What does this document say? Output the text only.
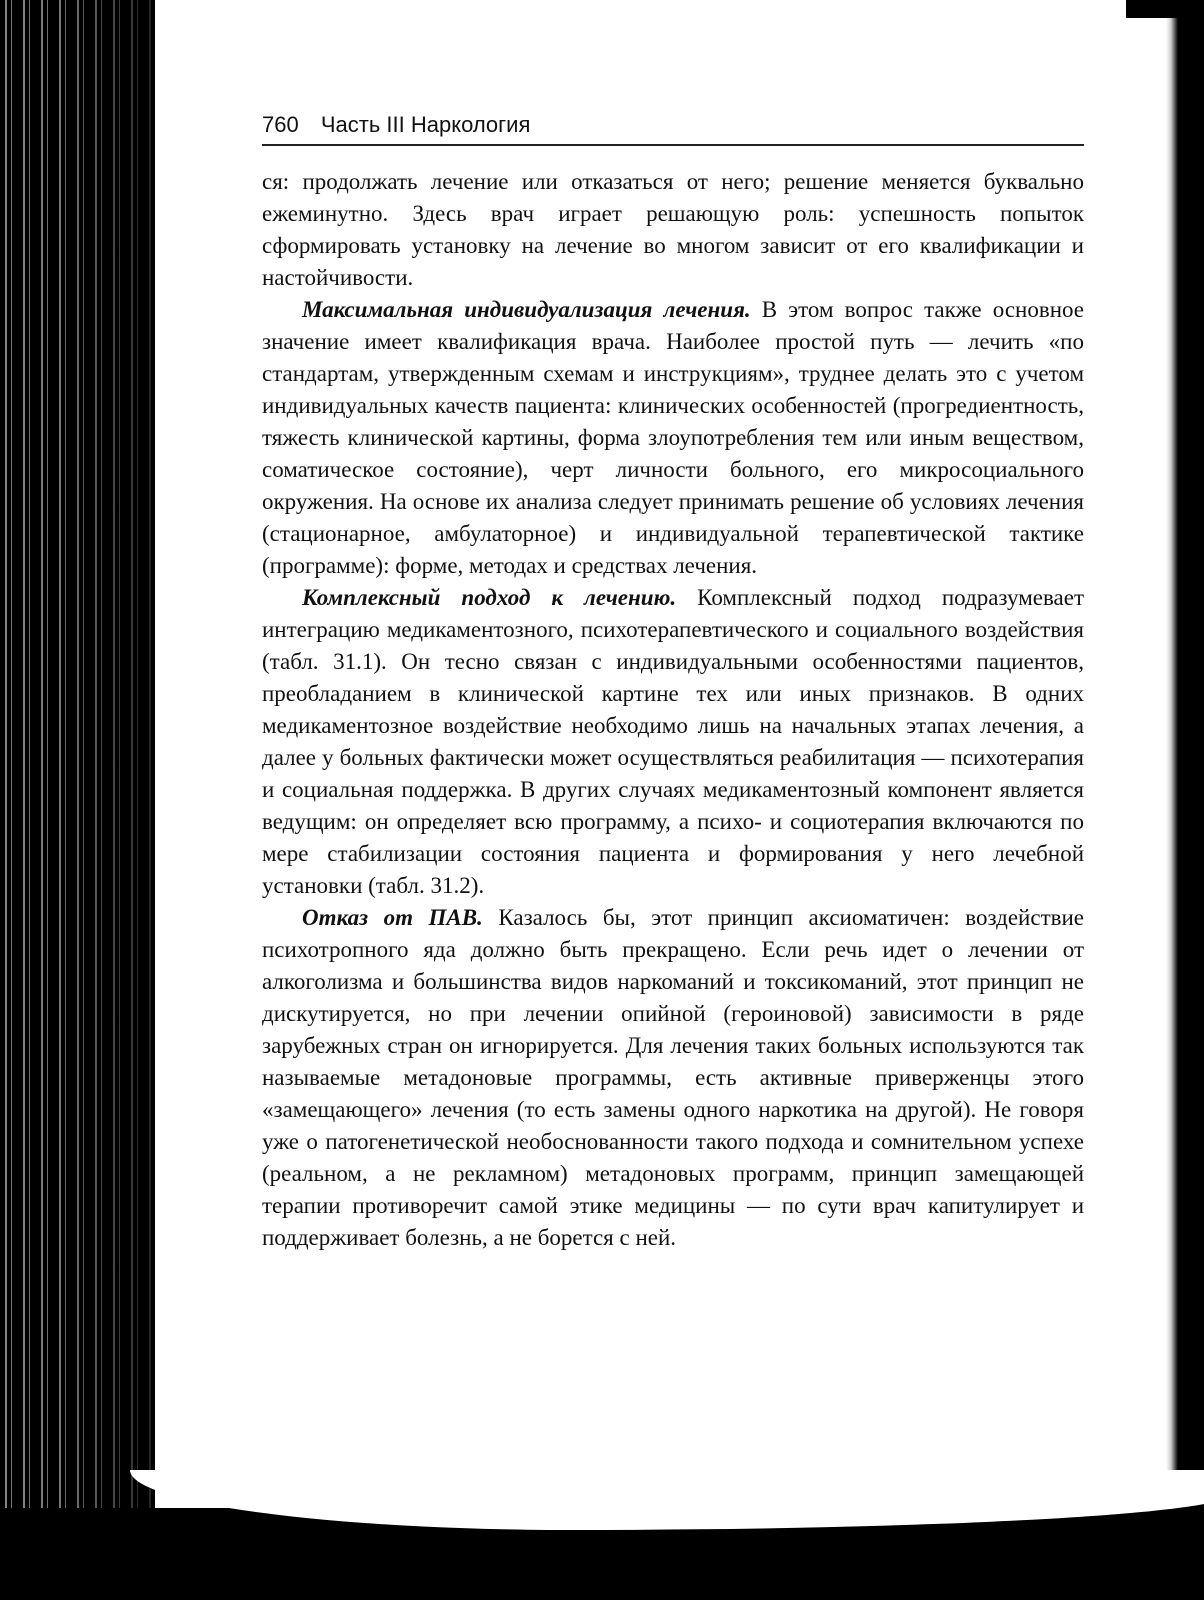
760 Часть III Наркология

ся: продолжать лечение или отказаться от него; решение меняется буквально ежеминутно. Здесь врач играет решающую роль: успешность попыток сформировать установку на лечение во многом зависит от его квалификации и настойчивости.

Максимальная индивидуализация лечения. В этом вопрос также основное значение имеет квалификация врача. Наиболее простой путь — лечить «по стандартам, утвержденным схемам и инструкциям», труднее делать это с учетом индивидуальных качеств пациента: клинических особенностей (прогредиентность, тяжесть клинической картины, форма злоупотребления тем или иным веществом, соматическое состояние), черт личности больного, его микросоциального окружения. На основе их анализа следует принимать решение об условиях лечения (стационарное, амбулаторное) и индивидуальной терапевтической тактике (программе): форме, методах и средствах лечения.

Комплексный подход к лечению. Комплексный подход подразумевает интеграцию медикаментозного, психотерапевтического и социального воздействия (табл. 31.1). Он тесно связан с индивидуальными особенностями пациентов, преобладанием в клинической картине тех или иных признаков. В одних медикаментозное воздействие необходимо лишь на начальных этапах лечения, а далее у больных фактически может осуществляться реабилитация — психотерапия и социальная поддержка. В других случаях медикаментозный компонент является ведущим: он определяет всю программу, а психо- и социотерапия включаются по мере стабилизации состояния пациента и формирования у него лечебной установки (табл. 31.2).

Отказ от ПАВ. Казалось бы, этот принцип аксиоматичен: воздействие психотропного яда должно быть прекращено. Если речь идет о лечении от алкоголизма и большинства видов наркоманий и токсикоманий, этот принцип не дискутируется, но при лечении опийной (героиновой) зависимости в ряде зарубежных стран он игнорируется. Для лечения таких больных используются так называемые метадоновые программы, есть активные приверженцы этого «замещающего» лечения (то есть замены одного наркотика на другой). Не говоря уже о патогенетической необоснованности такого подхода и сомнительном успехе (реальном, а не рекламном) метадоновых программ, принцип замещающей терапии противоречит самой этике медицины — по сути врач капитулирует и поддерживает болезнь, а не борется с ней.
